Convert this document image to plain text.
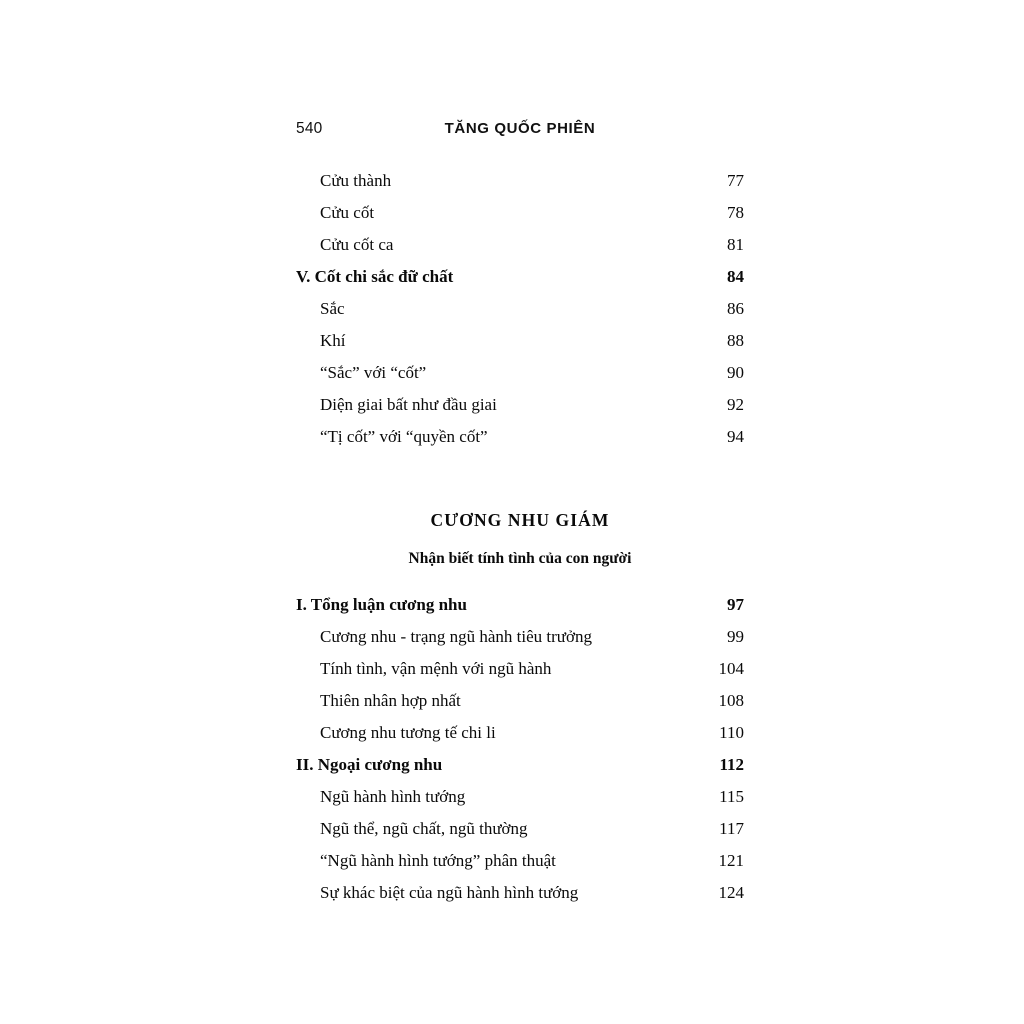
540	TĂNG QUỐC PHIÊN
Cửu thành	77
Cửu cốt	78
Cửu cốt ca	81
V. Cốt chi sắc đữ chất	84
Sắc	86
Khí	88
“Sắc” với “cốt”	90
Diện giai bất như đầu giai	92
“Tị cốt” với “quyền cốt”	94
CƯƠNG NHU GIÁM
Nhận biết tính tình của con người
I. Tổng luận cương nhu	97
Cương nhu - trạng ngũ hành tiêu trưởng	99
Tính tình, vận mệnh với ngũ hành	104
Thiên nhân hợp nhất	108
Cương nhu tương tế chi li	110
II. Ngoại cương nhu	112
Ngũ hành hình tướng	115
Ngũ thể, ngũ chất, ngũ thường	117
“Ngũ hành hình tướng” phân thuật	121
Sự khác biệt của ngũ hành hình tướng	124
